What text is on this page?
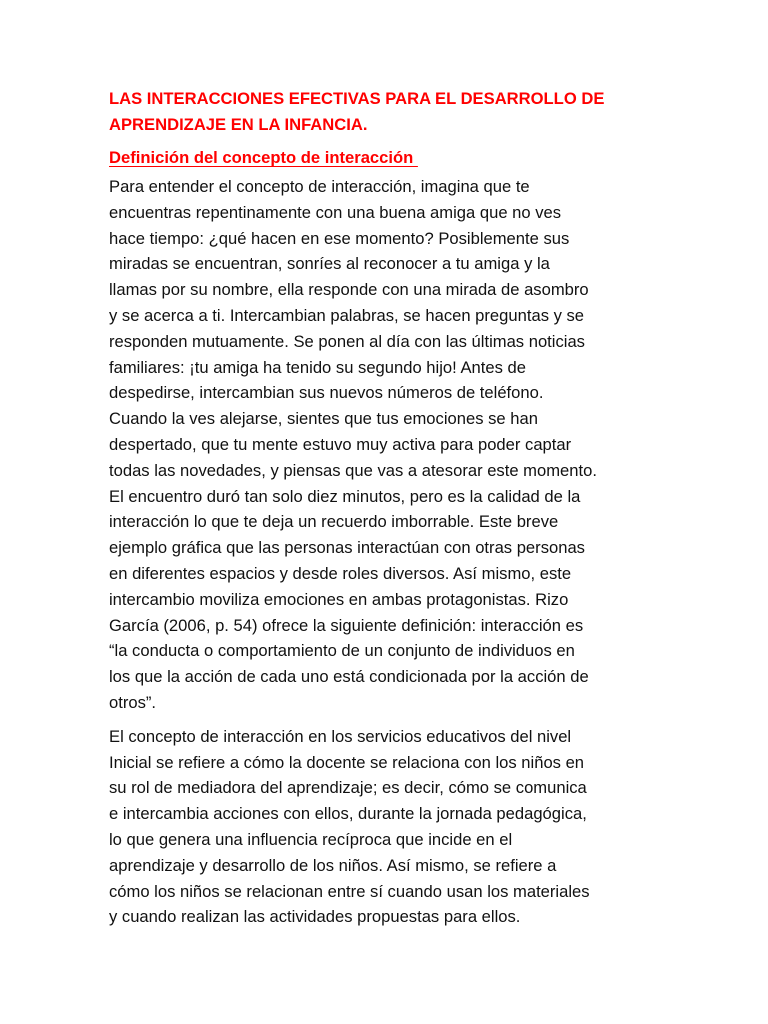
LAS INTERACCIONES EFECTIVAS PARA EL DESARROLLO DE
APRENDIZAJE EN LA INFANCIA.
Definición del concepto de interacción

Para entender el concepto de interacción, imagina que te
encuentras repentinamente con una buena amiga que no ves
hace tiempo: ¿qué hacen en ese momento? Posiblemente sus
miradas se encuentran, sonríes al reconocer a tu amiga y la
llamas por su nombre, ella responde con una mirada de asombro
y se acerca a ti. Intercambian palabras, se hacen preguntas y se
responden mutuamente. Se ponen al día con las últimas noticias
familiares: ¡tu amiga ha tenido su segundo hijo! Antes de
despedirse, intercambian sus nuevos números de teléfono.
Cuando la ves alejarse, sientes que tus emociones se han
despertado, que tu mente estuvo muy activa para poder captar
todas las novedades, y piensas que vas a atesorar este momento.
El encuentro duró tan solo diez minutos, pero es la calidad de la
interacción lo que te deja un recuerdo imborrable. Este breve
ejemplo gráfica que las personas interactúan con otras personas
en diferentes espacios y desde roles diversos. Así mismo, este
intercambio moviliza emociones en ambas protagonistas. Rizo
García (2006, p. 54) ofrece la siguiente definición: interacción es
“la conducta o comportamiento de un conjunto de individuos en
los que la acción de cada uno está condicionada por la acción de
otros”.

El concepto de interacción en los servicios educativos del nivel
Inicial se refiere a cómo la docente se relaciona con los niños en
su rol de mediadora del aprendizaje; es decir, cómo se comunica
e intercambia acciones con ellos, durante la jornada pedagógica,
lo que genera una influencia recíproca que incide en el
aprendizaje y desarrollo de los niños. Así mismo, se refiere a
cómo los niños se relacionan entre sí cuando usan los materiales
y cuando realizan las actividades propuestas para ellos.
